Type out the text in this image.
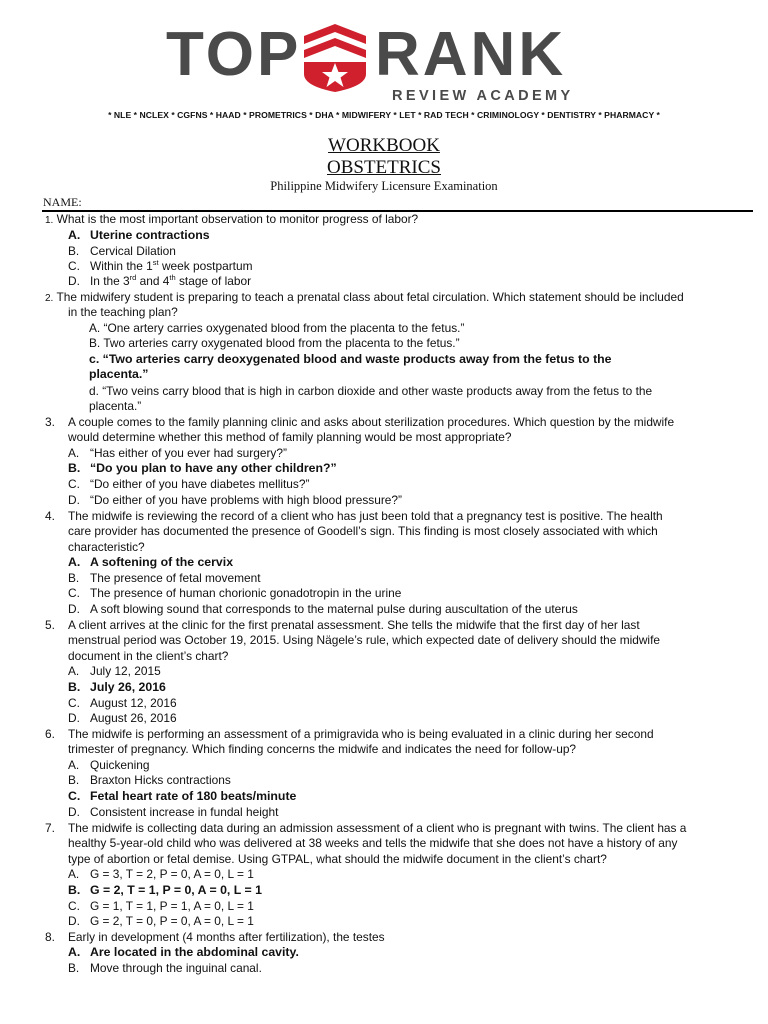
TOP RANK
REVIEW ACADEMY
* NLE * NCLEX * CGFNS * HAAD * PROMETRICS * DHA * MIDWIFERY * LET * RAD TECH * CRIMINOLOGY * DENTISTRY * PHARMACY *
WORKBOOK
OBSTETRICS
Philippine Midwifery Licensure Examination
NAME:
1. What is the most important observation to monitor progress of labor?
A. Uterine contractions
B. Cervical Dilation
C. Within the 1st week postpartum
D. In the 3rd and 4th stage of labor
2. The midwifery student is preparing to teach a prenatal class about fetal circulation. Which statement should be included
in the teaching plan?
A. “One artery carries oxygenated blood from the placenta to the fetus.”
B. Two arteries carry oxygenated blood from the placenta to the fetus.”
c. “Two arteries carry deoxygenated blood and waste products away from the fetus to the
placenta.”
d. “Two veins carry blood that is high in carbon dioxide and other waste products away from the fetus to the
placenta.”
3. A couple comes to the family planning clinic and asks about sterilization procedures. Which question by the midwife
would determine whether this method of family planning would be most appropriate?
A. “Has either of you ever had surgery?”
B. “Do you plan to have any other children?”
C. “Do either of you have diabetes mellitus?”
D. “Do either of you have problems with high blood pressure?”
4. The midwife is reviewing the record of a client who has just been told that a pregnancy test is positive. The health
care provider has documented the presence of Goodell’s sign. This finding is most closely associated with which
characteristic?
A. A softening of the cervix
B. The presence of fetal movement
C. The presence of human chorionic gonadotropin in the urine
D. A soft blowing sound that corresponds to the maternal pulse during auscultation of the uterus
5. A client arrives at the clinic for the first prenatal assessment. She tells the midwife that the first day of her last
menstrual period was October 19, 2015. Using Nägele’s rule, which expected date of delivery should the midwife
document in the client’s chart?
A. July 12, 2015
B. July 26, 2016
C. August 12, 2016
D. August 26, 2016
6. The midwife is performing an assessment of a primigravida who is being evaluated in a clinic during her second
trimester of pregnancy. Which finding concerns the midwife and indicates the need for follow-up?
A. Quickening
B. Braxton Hicks contractions
C. Fetal heart rate of 180 beats/minute
D. Consistent increase in fundal height
7. The midwife is collecting data during an admission assessment of a client who is pregnant with twins. The client has a
healthy 5-year-old child who was delivered at 38 weeks and tells the midwife that she does not have a history of any
type of abortion or fetal demise. Using GTPAL, what should the midwife document in the client’s chart?
A. G = 3, T = 2, P = 0, A = 0, L = 1
B. G = 2, T = 1, P = 0, A = 0, L = 1
C. G = 1, T = 1, P = 1, A = 0, L = 1
D. G = 2, T = 0, P = 0, A = 0, L = 1
8. Early in development (4 months after fertilization), the testes
A. Are located in the abdominal cavity.
B. Move through the inguinal canal.
